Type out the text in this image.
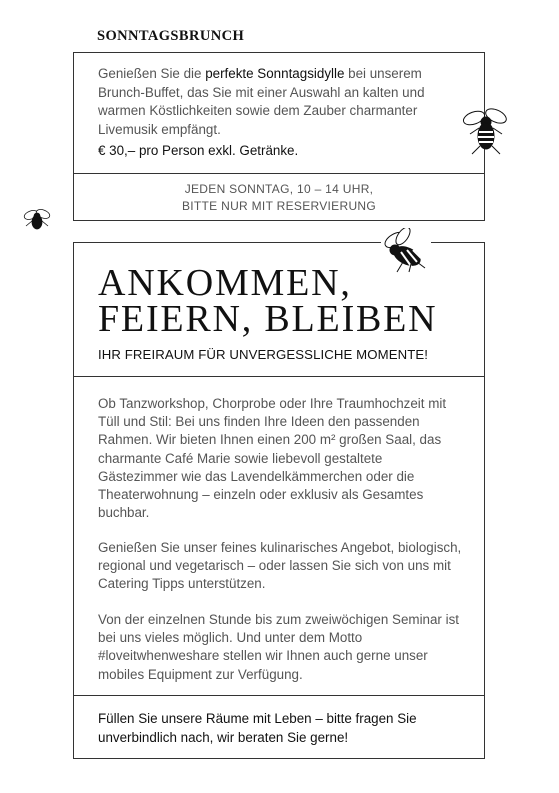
SONNTAGSBRUNCH
Genießen Sie die perfekte Sonntagsidylle bei unserem Brunch-Buffet, das Sie mit einer Auswahl an kalten und warmen Köstlichkeiten sowie dem Zauber charmanter Livemusik empfängt.
€ 30,– pro Person exkl. Getränke.
JEDEN SONNTAG, 10 – 14 UHR,
BITTE NUR MIT RESERVIERUNG
ANKOMMEN,
FEIERN, BLEIBEN
IHR FREIRAUM FÜR UNVERGESSLICHE MOMENTE!
Ob Tanzworkshop, Chorprobe oder Ihre Traumhochzeit mit Tüll und Stil: Bei uns finden Ihre Ideen den passenden Rahmen. Wir bieten Ihnen einen 200 m² großen Saal, das charmante Café Marie sowie liebevoll gestaltete Gästezimmer wie das Lavendelkämmerchen oder die Theaterwohnung – einzeln oder exklusiv als Gesamtes buchbar.
Genießen Sie unser feines kulinarisches Angebot, biologisch, regional und vegetarisch – oder lassen Sie sich von uns mit Catering Tipps unterstützen.
Von der einzelnen Stunde bis zum zweiwöchigen Seminar ist bei uns vieles möglich. Und unter dem Motto #loveitwhenweshare stellen wir Ihnen auch gerne unser mobiles Equipment zur Verfügung.
Füllen Sie unsere Räume mit Leben – bitte fragen Sie unverbindlich nach, wir beraten Sie gerne!
